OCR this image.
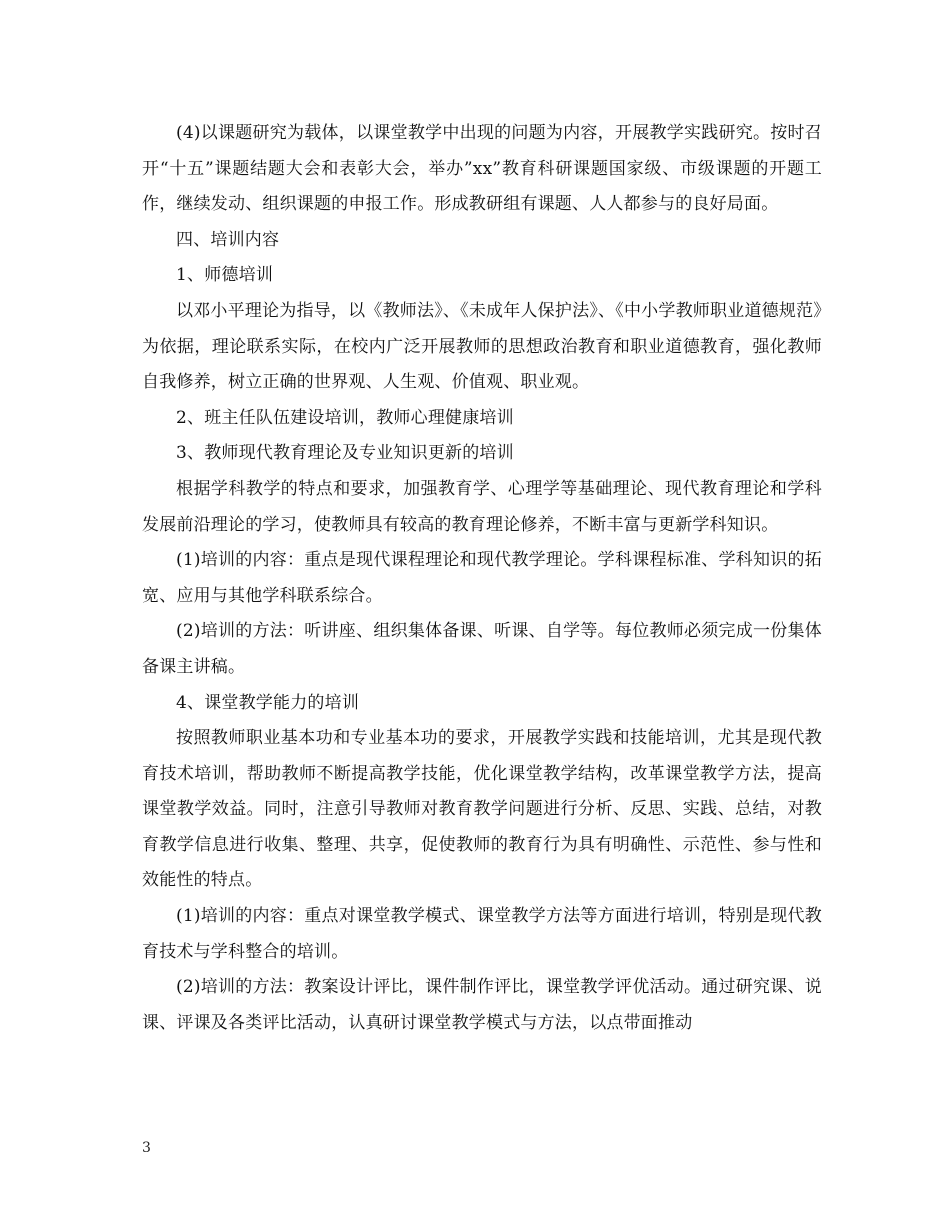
(4)以课题研究为载体，以课堂教学中出现的问题为内容，开展教学实践研究。按时召开“十五”课题结题大会和表彰大会，举办”xx”教育科研课题国家级、市级课题的开题工作，继续发动、组织课题的申报工作。形成教研组有课题、人人都参与的良好局面。

四、培训内容

1、师德培训

以邓小平理论为指导，以《教师法》、《未成年人保护法》、《中小学教师职业道德规范》为依据，理论联系实际，在校内广泛开展教师的思想政治教育和职业道德教育，强化教师自我修养，树立正确的世界观、人生观、价值观、职业观。

2、班主任队伍建设培训，教师心理健康培训

3、教师现代教育理论及专业知识更新的培训

根据学科教学的特点和要求，加强教育学、心理学等基础理论、现代教育理论和学科发展前沿理论的学习，使教师具有较高的教育理论修养，不断丰富与更新学科知识。

(1)培训的内容：重点是现代课程理论和现代教学理论。学科课程标准、学科知识的拓宽、应用与其他学科联系综合。

(2)培训的方法：听讲座、组织集体备课、听课、自学等。每位教师必须完成一份集体备课主讲稿。

4、课堂教学能力的培训

按照教师职业基本功和专业基本功的要求，开展教学实践和技能培训，尤其是现代教育技术培训，帮助教师不断提高教学技能，优化课堂教学结构，改革课堂教学方法，提高课堂教学效益。同时，注意引导教师对教育教学问题进行分析、反思、实践、总结，对教育教学信息进行收集、整理、共享，促使教师的教育行为具有明确性、示范性、参与性和效能性的特点。

(1)培训的内容：重点对课堂教学模式、课堂教学方法等方面进行培训，特别是现代教育技术与学科整合的培训。

(2)培训的方法：教案设计评比，课件制作评比，课堂教学评优活动。通过研究课、说课、评课及各类评比活动，认真研讨课堂教学模式与方法，以点带面推动

3
